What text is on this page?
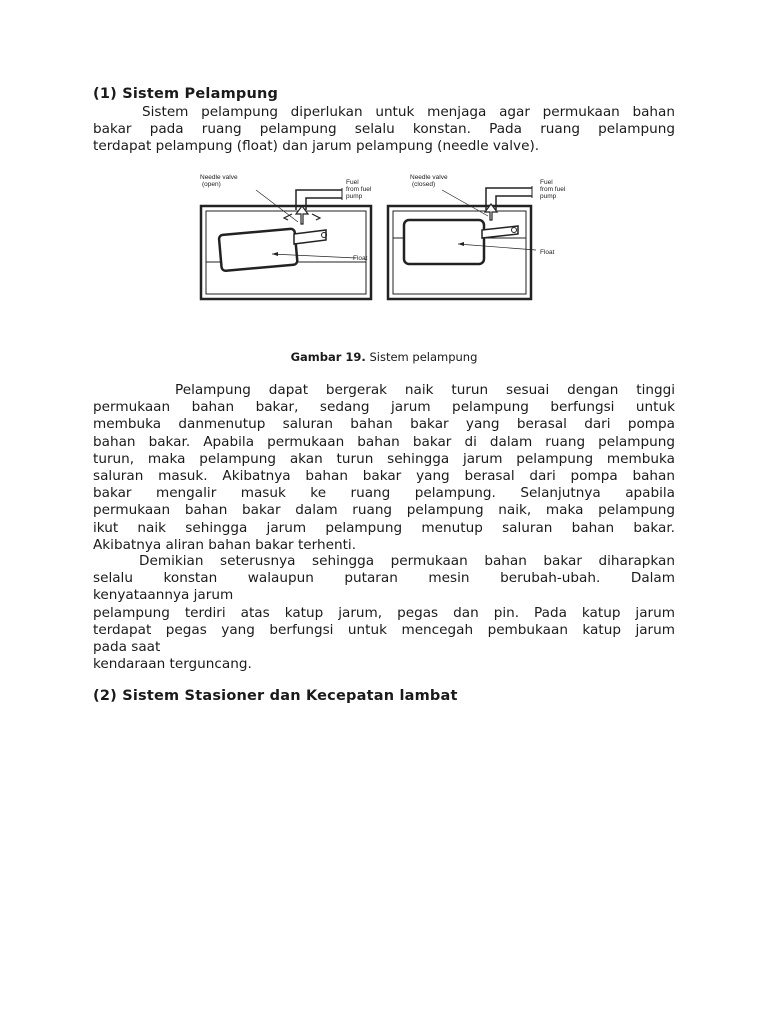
(1) Sistem Pelampung
Sistem pelampung diperlukan untuk menjaga agar permukaan bahan
bakar pada ruang pelampung selalu konstan. Pada ruang pelampung
terdapat pelampung (float) dan jarum pelampung (needle valve).
Needle valve
(open)	Fuel
from fuel
pump
Float
Needle valve
(closed)	Fuel
from fuel
pump
Float
Gambar 19. Sistem pelampung
Pelampung dapat bergerak naik turun sesuai dengan tinggi
permukaan bahan bakar, sedang jarum pelampung berfungsi untuk
membuka danmenutup saluran bahan bakar yang berasal dari pompa
bahan bakar. Apabila permukaan bahan bakar di dalam ruang pelampung
turun, maka pelampung akan turun sehingga jarum pelampung membuka
saluran masuk. Akibatnya bahan bakar yang berasal dari pompa bahan
bakar mengalir masuk ke ruang pelampung. Selanjutnya apabila
permukaan bahan bakar dalam ruang pelampung naik, maka pelampung
ikut naik sehingga jarum pelampung menutup saluran bahan bakar.
Akibatnya aliran bahan bakar terhenti.
Demikian seterusnya sehingga permukaan bahan bakar diharapkan
selalu konstan walaupun putaran mesin berubah-ubah. Dalam
kenyataannya jarum
pelampung terdiri atas katup jarum, pegas dan pin. Pada katup jarum
terdapat pegas yang berfungsi untuk mencegah pembukaan katup jarum
pada saat
kendaraan terguncang.
(2) Sistem Stasioner dan Kecepatan lambat
